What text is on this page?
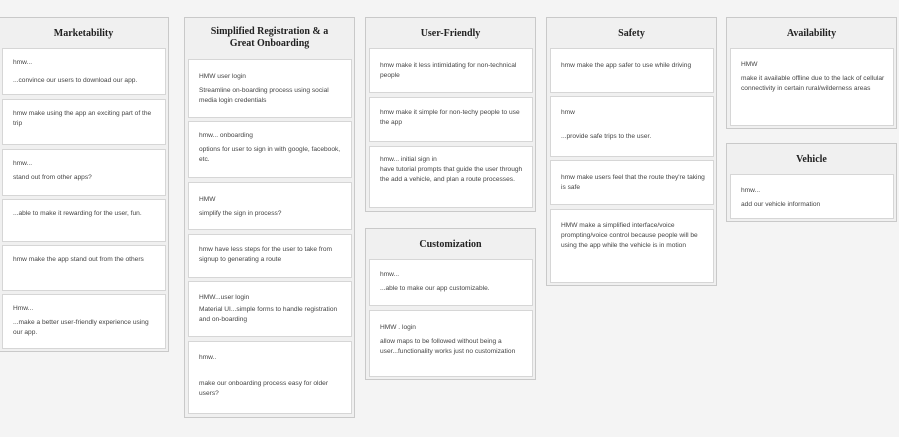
Marketability
hmw...
...convince our users to download our app.
hmw make using the app an exciting part of the trip
hmw...
stand out from other apps?
...able to make it rewarding for the user, fun.
hmw make the app stand out from the others
Hmw...
...make a better user-friendly experience using our app.
Simplified Registration & a Great Onboarding
HMW user login
Streamline on-boarding process using social media login credentials
hmw... onboarding
options for user to sign in with google, facebook, etc.
HMW
simplify the sign in process?
hmw have less steps for the user to take from signup to generating a route
HMW...user login
Material UI...simple forms to handle registration and on-boarding
hmw..
make our onboarding process easy for older users?
User-Friendly
hmw make it less intimidating for non-technical people
hmw make it simple for non-techy people to use the app
hmw... initial sign in
have tutorial prompts that guide the user through the add a vehicle, and plan a route processes.
Customization
hmw...
...able to make our app customizable.
HMW . login
allow maps to be followed without being a user...functionality works just no customization
Safety
hmw make the app safer to use while driving
hmw
...provide safe trips to the user.
hmw make users feel that the route they're taking is safe
HMW make a simplified interface/voice prompting/voice control because people will be using the app while the vehicle is in motion
Availability
HMW
make it available offline due to the lack of cellular connectivity in certain rural/wilderness areas
Vehicle
hmw...
add our vehicle information
